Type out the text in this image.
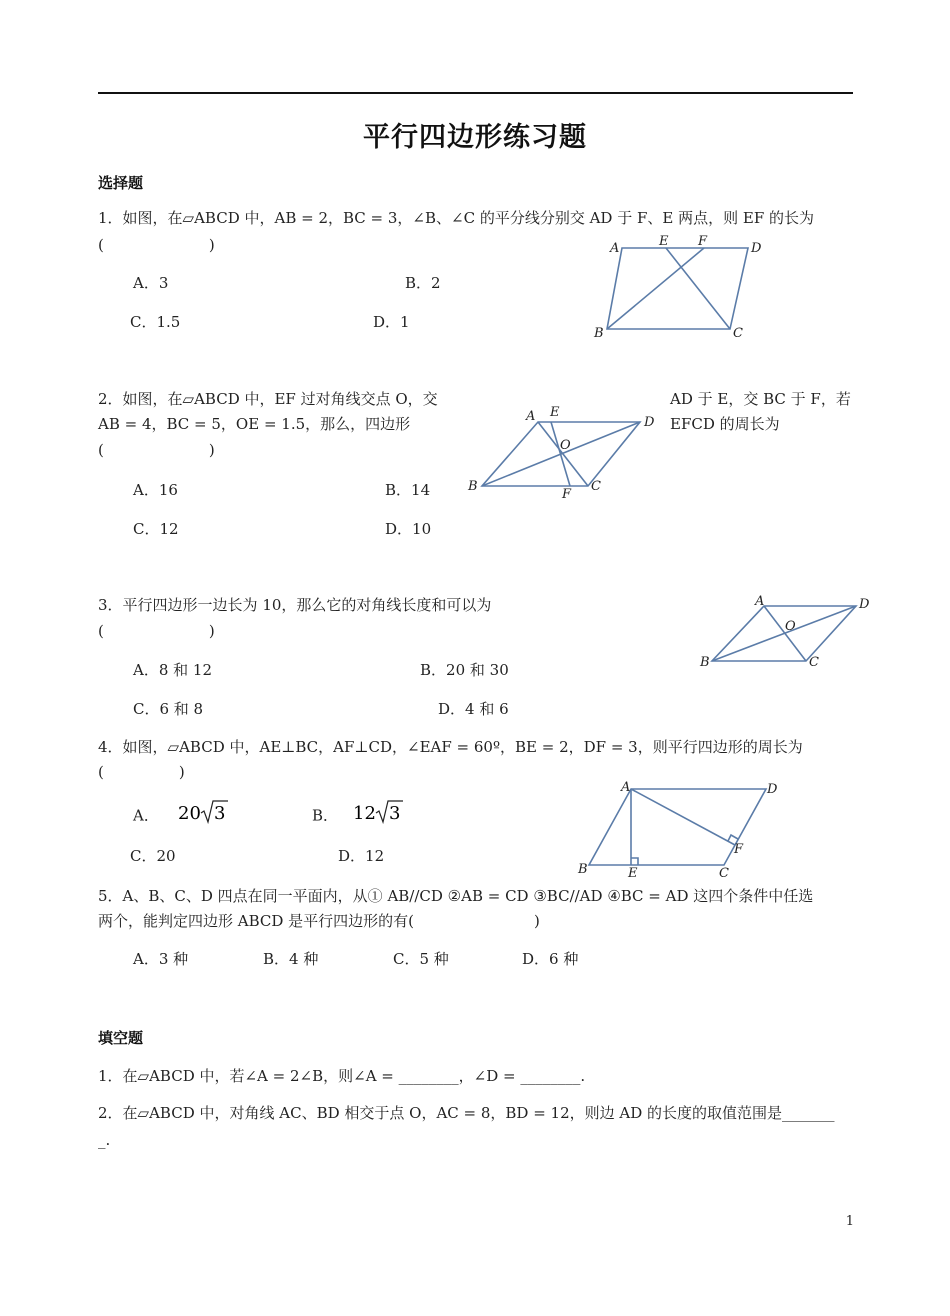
平行四边形练习题
选择题
1．如图，在▱ABCD 中，AB = 2，BC = 3，∠B、∠C 的平分线分别交 AD 于 F、E 两点，则 EF 的长为
(　　　　　　　)
A．3	B．2
C．1.5	D．1
A	E F	D
B	C
2．如图，在▱ABCD 中，EF 过对角线交点 O，交	AD 于 E，交 BC 于 F，若
AB = 4，BC = 5，OE = 1.5，那么，四边形	EFCD 的周长为
(　　　　　　　)
A．16	B．14
C．12	D．10
A E
D
O
B
F
C
3．平行四边形一边长为 10，那么它的对角线长度和可以为
(　　　　　　　)
A．8 和 12	B．20 和 30
C．6 和 8	D．4 和 6
A	D
O
B	C
4．如图，▱ABCD 中，AE⊥BC，AF⊥CD，∠EAF = 60º，BE = 2，DF = 3，则平行四边形的周长为
(　　　　　)
A． 20 3	B． 12 3
C．20	D．12
A	D
F
B	E	C
5．A、B、C、D 四点在同一平面内，从① AB//CD ②AB = CD ③BC//AD ④BC = AD 这四个条件中任选
两个，能判定四边形 ABCD 是平行四边形的有(　　　　　　　　)
A．3 种	B．4 种	C．5 种	D．6 种
填空题
1．在▱ABCD 中，若∠A = 2∠B，则∠A = ________，∠D = ________.
2．在▱ABCD 中，对角线 AC、BD 相交于点 O，AC = 8，BD = 12，则边 AD 的长度的取值范围是_______
_.
1
